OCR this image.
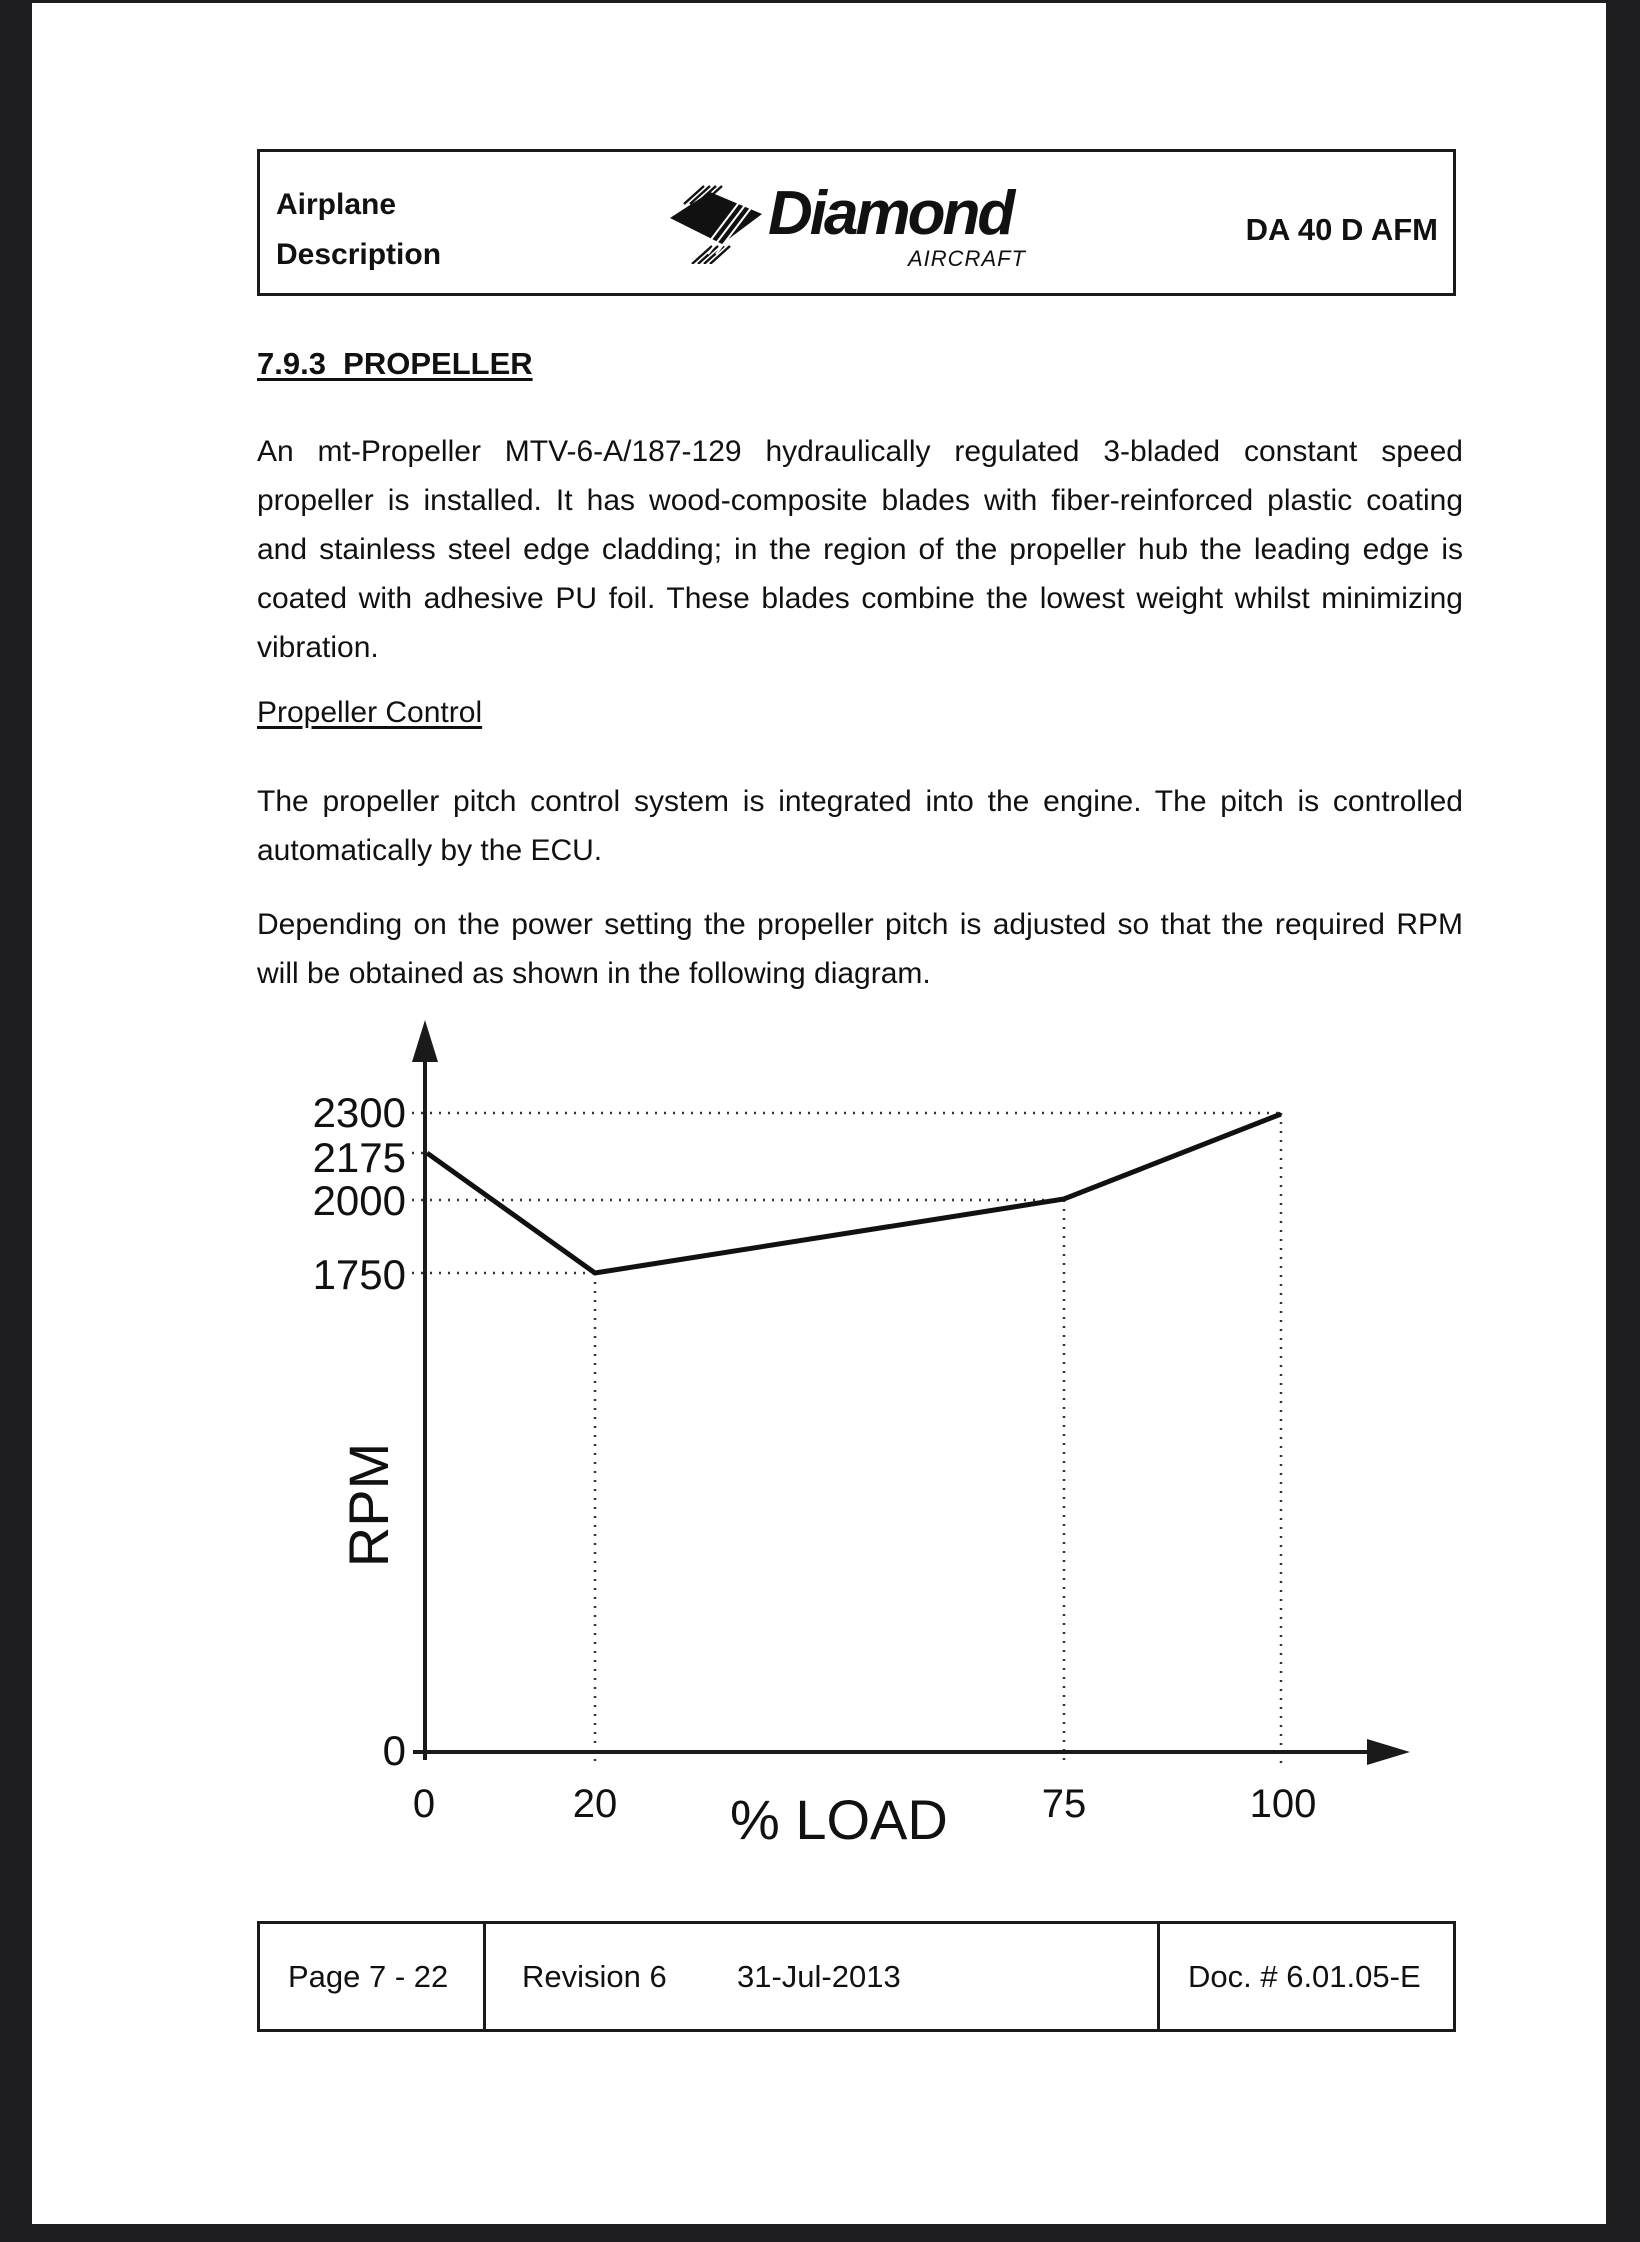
Airplane
Description
Diamond
AIRCRAFT
DA 40 D AFM
7.9.3  PROPELLER
An mt-Propeller MTV-6-A/187-129 hydraulically regulated 3-bladed constant speed propeller is installed. It has wood-composite blades with fiber-reinforced plastic coating and stainless steel edge cladding; in the region of the propeller hub the leading edge is coated with adhesive PU foil. These blades combine the lowest weight whilst minimizing vibration.
Propeller Control
The propeller pitch control system is integrated into the engine. The pitch is controlled automatically by the ECU.
Depending on the power setting the propeller pitch is adjusted so that the required RPM will be obtained as shown in the following diagram.
2300
2175
2000
1750
0
RPM
0	20	75	100
% LOAD
Page 7 - 22 Revision 6 31-Jul-2013	Doc. # 6.01.05-E
